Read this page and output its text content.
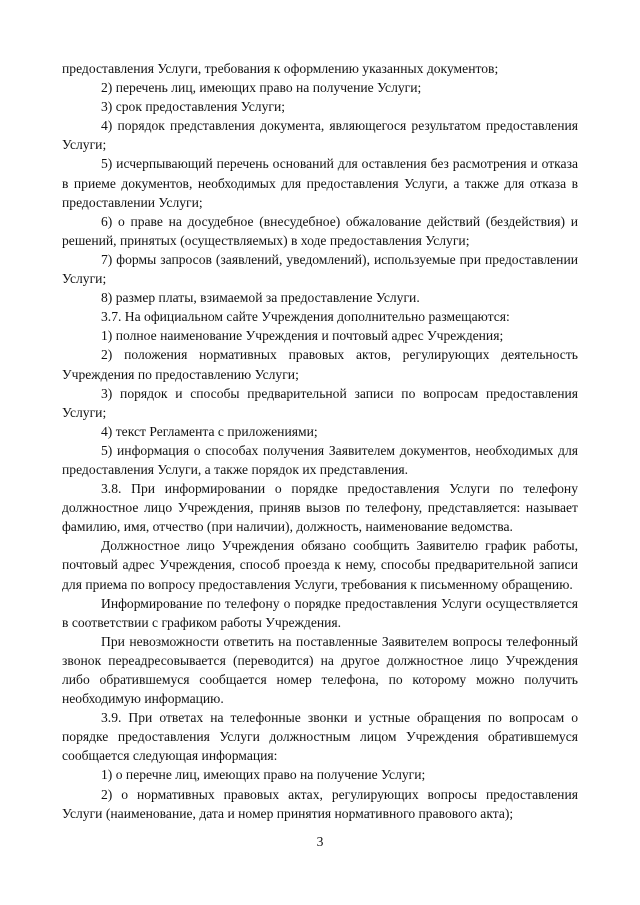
предоставления Услуги, требования к оформлению указанных документов;

2) перечень лиц, имеющих право на получение Услуги;

3) срок предоставления Услуги;

4) порядок представления документа, являющегося результатом предоставления Услуги;

5) исчерпывающий перечень оснований для оставления без расмотрения и отказа в приеме документов, необходимых для предоставления Услуги, а также для отказа в предоставлении Услуги;

6) о праве на досудебное (внесудебное) обжалование действий (бездействия) и решений, принятых (осуществляемых) в ходе предоставления Услуги;

7) формы запросов (заявлений, уведомлений), используемые при предоставлении Услуги;

8) размер платы, взимаемой за предоставление Услуги.

3.7. На официальном сайте Учреждения дополнительно размещаются:

1) полное наименование Учреждения и почтовый адрес Учреждения;

2) положения нормативных правовых актов, регулирующих деятельность Учреждения по предоставлению Услуги;

3) порядок и способы предварительной записи по вопросам предоставления Услуги;

4) текст Регламента с приложениями;

5) информация о способах получения Заявителем документов, необходимых для предоставления Услуги, а также порядок их представления.

3.8. При информировании о порядке предоставления Услуги по телефону должностное лицо Учреждения, приняв вызов по телефону, представляется: называет фамилию, имя, отчество (при наличии), должность, наименование ведомства.

Должностное лицо Учреждения обязано сообщить Заявителю график работы, почтовый адрес Учреждения, способ проезда к нему, способы предварительной записи для приема по вопросу предоставления Услуги, требования к письменному обращению.

Информирование по телефону о порядке предоставления Услуги осуществляется в соответствии с графиком работы Учреждения.

При невозможности ответить на поставленные Заявителем вопросы телефонный звонок переадресовывается (переводится) на другое должностное лицо Учреждения либо обратившемуся сообщается номер телефона, по которому можно получить необходимую информацию.

3.9. При ответах на телефонные звонки и устные обращения по вопросам о порядке предоставления Услуги должностным лицом Учреждения обратившемуся сообщается следующая информация:

1) о перечне лиц, имеющих право на получение Услуги;

2) о нормативных правовых актах, регулирующих вопросы предоставления Услуги (наименование, дата и номер принятия нормативного правового акта);

3
